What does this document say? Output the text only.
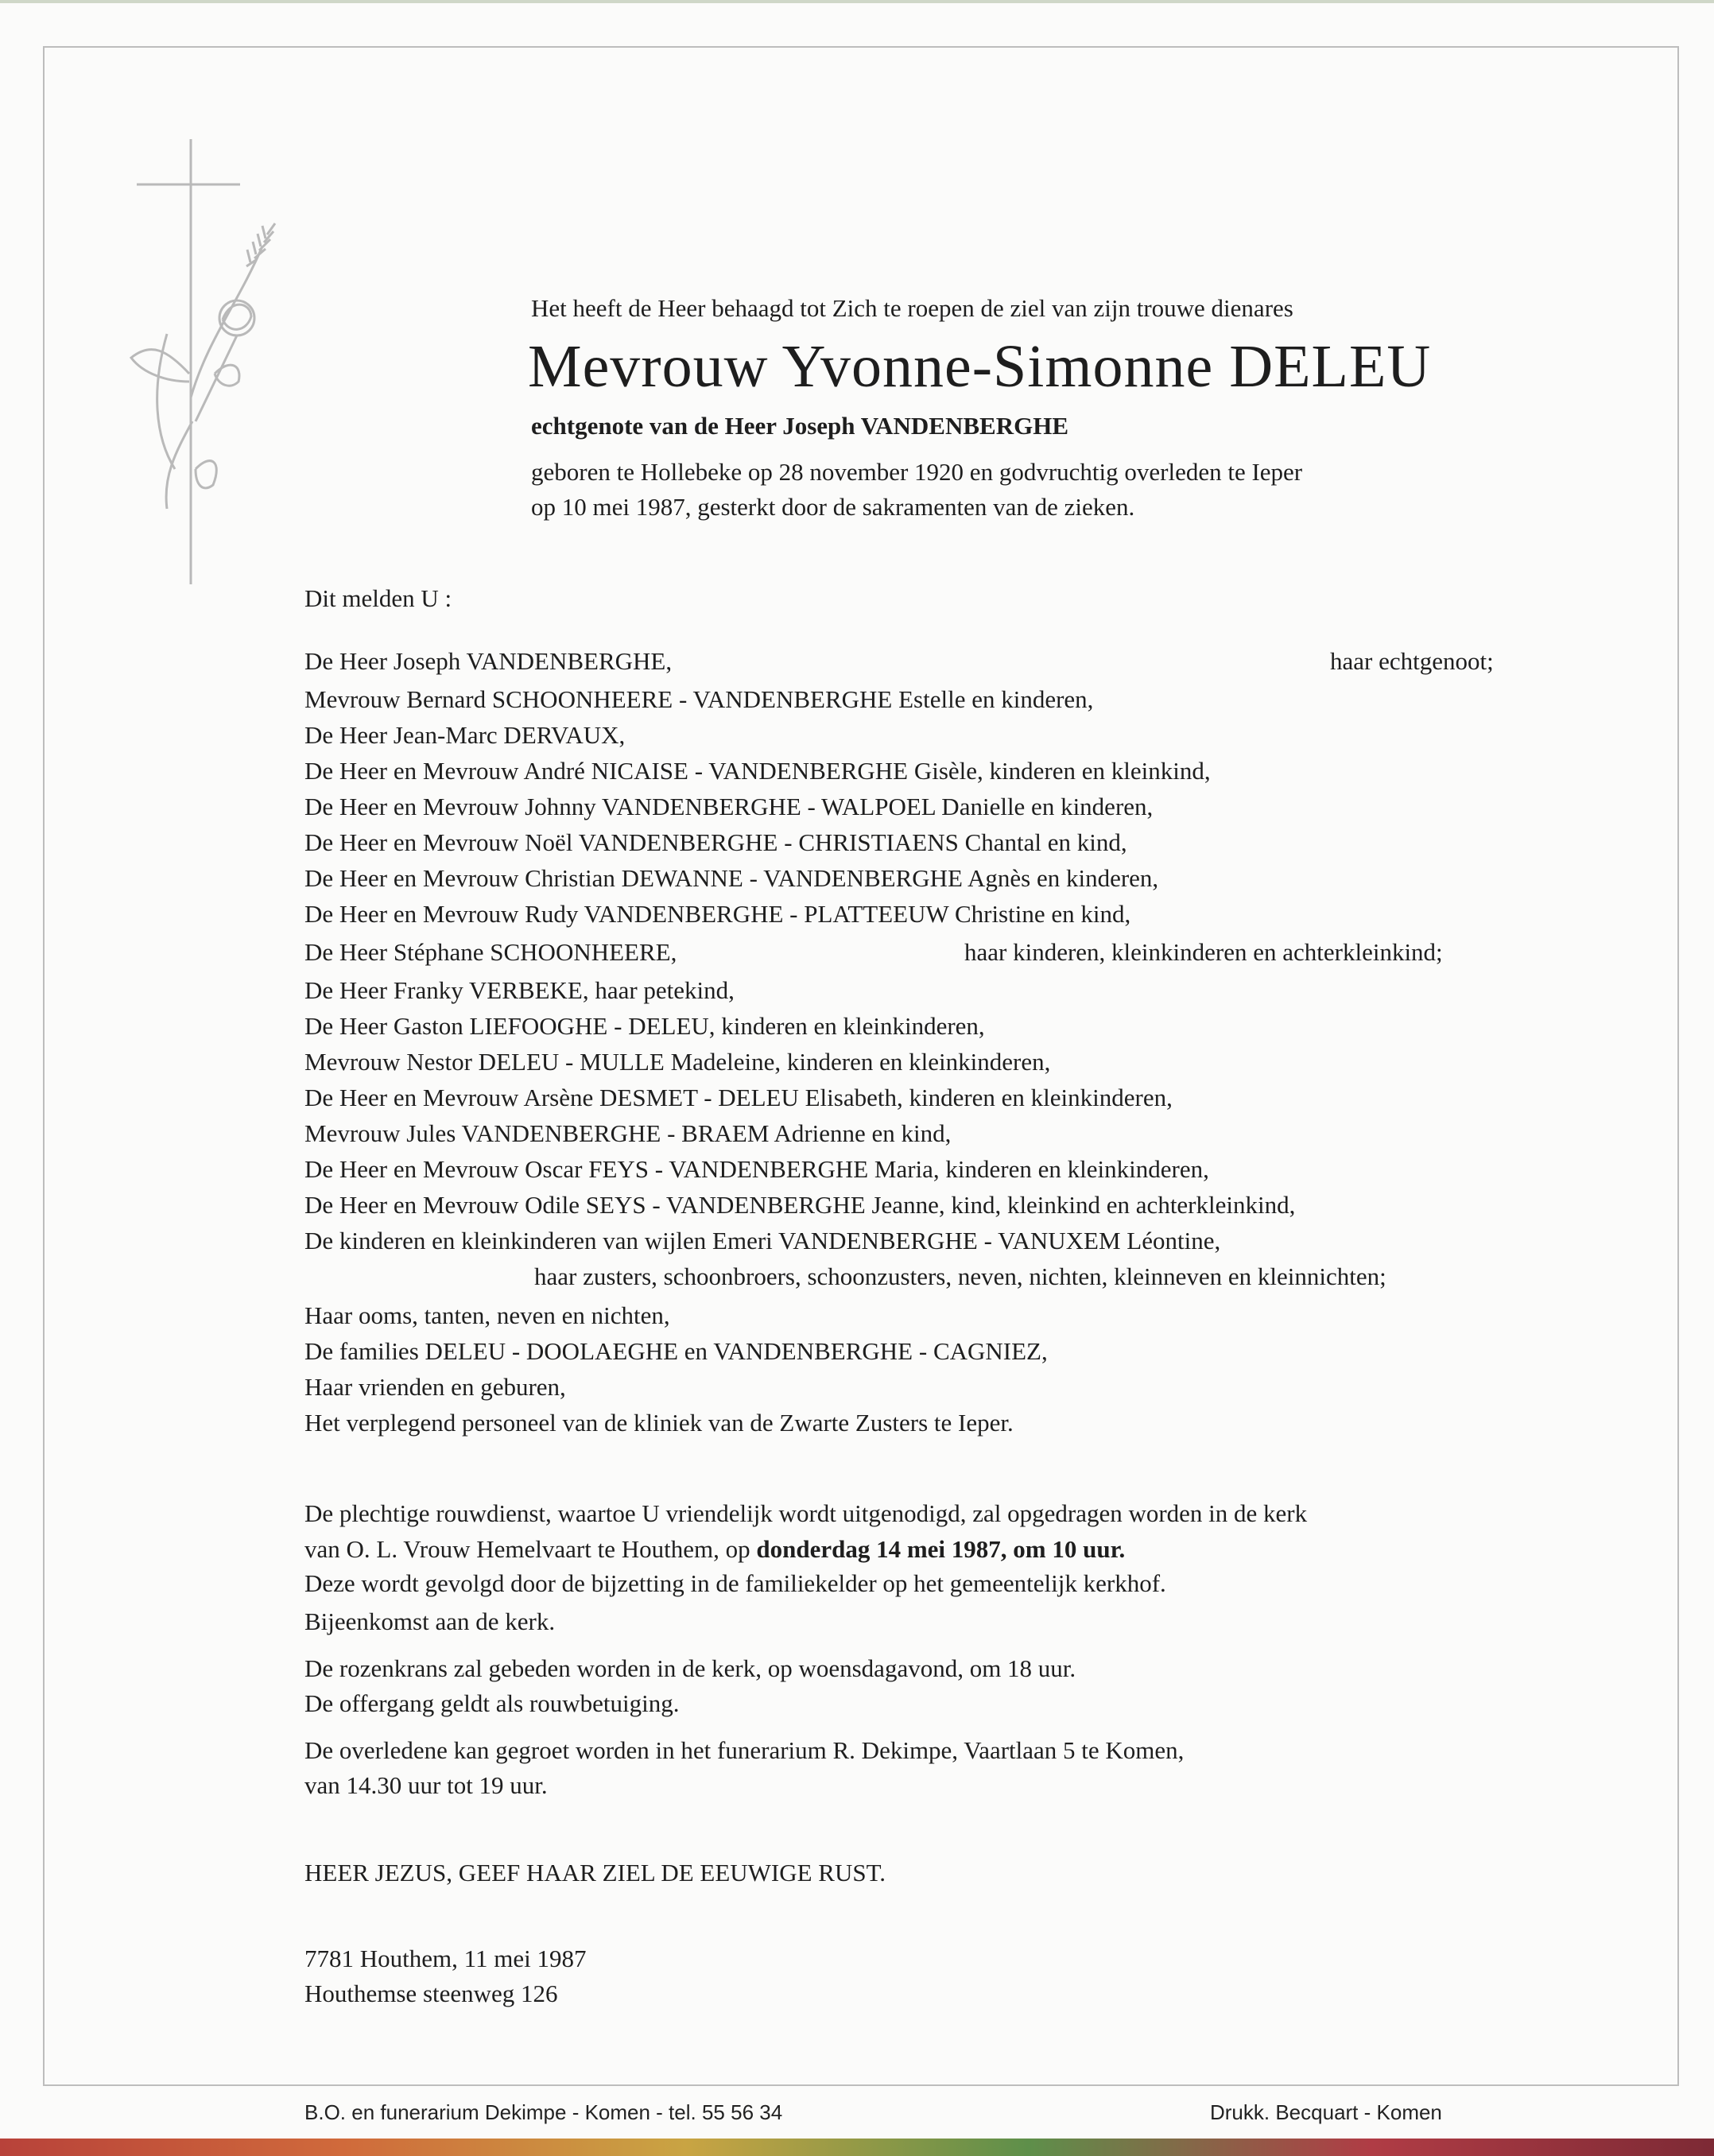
Het heeft de Heer behaagd tot Zich te roepen de ziel van zijn trouwe dienares
Mevrouw Yvonne-Simonne DELEU
echtgenote van de Heer Joseph VANDENBERGHE
geboren te Hollebeke op 28 november 1920 en godvruchtig overleden te Ieper
op 10 mei 1987, gesterkt door de sakramenten van de zieken.
Dit melden U :
De Heer Joseph VANDENBERGHE,	haar echtgenoot;
Mevrouw Bernard SCHOONHEERE - VANDENBERGHE Estelle en kinderen,
De Heer Jean-Marc DERVAUX,
De Heer en Mevrouw André NICAISE - VANDENBERGHE Gisèle, kinderen en kleinkind,
De Heer en Mevrouw Johnny VANDENBERGHE - WALPOEL Danielle en kinderen,
De Heer en Mevrouw Noël VANDENBERGHE - CHRISTIAENS Chantal en kind,
De Heer en Mevrouw Christian DEWANNE - VANDENBERGHE Agnès en kinderen,
De Heer en Mevrouw Rudy VANDENBERGHE - PLATTEEUW Christine en kind,
De Heer Stéphane SCHOONHEERE,	haar kinderen, kleinkinderen en achterkleinkind;
De Heer Franky VERBEKE, haar petekind,
De Heer Gaston LIEFOOGHE - DELEU, kinderen en kleinkinderen,
Mevrouw Nestor DELEU - MULLE Madeleine, kinderen en kleinkinderen,
De Heer en Mevrouw Arsène DESMET - DELEU Elisabeth, kinderen en kleinkinderen,
Mevrouw Jules VANDENBERGHE - BRAEM Adrienne en kind,
De Heer en Mevrouw Oscar FEYS - VANDENBERGHE Maria, kinderen en kleinkinderen,
De Heer en Mevrouw Odile SEYS - VANDENBERGHE Jeanne, kind, kleinkind en achterkleinkind,
De kinderen en kleinkinderen van wijlen Emeri VANDENBERGHE - VANUXEM Léontine,
haar zusters, schoonbroers, schoonzusters, neven, nichten, kleinneven en kleinnichten;
Haar ooms, tanten, neven en nichten,
De families DELEU - DOOLAEGHE en VANDENBERGHE - CAGNIEZ,
Haar vrienden en geburen,
Het verplegend personeel van de kliniek van de Zwarte Zusters te Ieper.
De plechtige rouwdienst, waartoe U vriendelijk wordt uitgenodigd, zal opgedragen worden in de kerk
van O. L. Vrouw Hemelvaart te Houthem, op donderdag 14 mei 1987, om 10 uur.
Deze wordt gevolgd door de bijzetting in de familiekelder op het gemeentelijk kerkhof.
Bijeenkomst aan de kerk.
De rozenkrans zal gebeden worden in de kerk, op woensdagavond, om 18 uur.
De offergang geldt als rouwbetuiging.
De overledene kan gegroet worden in het funerarium R. Dekimpe, Vaartlaan 5 te Komen,
van 14.30 uur tot 19 uur.
HEER JEZUS, GEEF HAAR ZIEL DE EEUWIGE RUST.
7781 Houthem, 11 mei 1987
Houthemse steenweg 126
B.O. en funerarium Dekimpe - Komen - tel. 55 56 34	Drukk. Becquart - Komen
